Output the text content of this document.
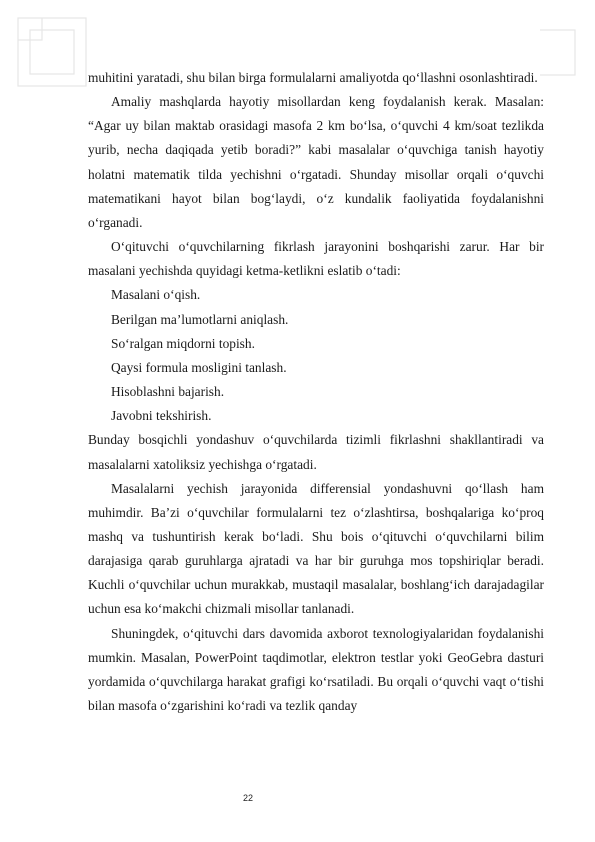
muhitini yaratadi, shu bilan birga formulalarni amaliyotda qo‘llashni osonlashtiradi.

Amaliy mashqlarda hayotiy misollardan keng foydalanish kerak. Masalan: “Agar uy bilan maktab orasidagi masofa 2 km bo‘lsa, o‘quvchi 4 km/soat tezlikda yurib, necha daqiqada yetib boradi?” kabi masalalar o‘quvchiga tanish hayotiy holatni matematik tilda yechishni o‘rgatadi. Shunday misollar orqali o‘quvchi matematikani hayot bilan bog‘laydi, o‘z kundalik faoliyatida foydalanishni o‘rganadi.

O‘qituvchi o‘quvchilarning fikrlash jarayonini boshqarishi zarur. Har bir masalani yechishda quyidagi ketma-ketlikni eslatib o‘tadi:

Masalani o‘qish.

Berilgan ma’lumotlarni aniqlash.

So‘ralgan miqdorni topish.

Qaysi formula mosligini tanlash.

Hisoblashni bajarish.

Javobni tekshirish.

Bunday bosqichli yondashuv o‘quvchilarda tizimli fikrlashni shakllantiradi va masalalarni xatoliksiz yechishga o‘rgatadi.

Masalalarni yechish jarayonida differensial yondashuvni qo‘llash ham muhimdir. Ba’zi o‘quvchilar formulalarni tez o‘zlashtirsa, boshqalariga ko‘proq mashq va tushuntirish kerak bo‘ladi. Shu bois o‘qituvchi o‘quvchilarni bilim darajasiga qarab guruhlarga ajratadi va har bir guruhga mos topshiriqlar beradi. Kuchli o‘quvchilar uchun murakkab, mustaqil masalalar, boshlang‘ich darajadagilar uchun esa ko‘makchi chizmali misollar tanlanadi.

Shuningdek, o‘qituvchi dars davomida axborot texnologiyalaridan foydalanishi mumkin. Masalan, PowerPoint taqdimotlar, elektron testlar yoki GeoGebra dasturi yordamida o‘quvchilarga harakat grafigi ko‘rsatiladi. Bu orqali o‘quvchi vaqt o‘tishi bilan masofa o‘zgarishini ko‘radi va tezlik qanday

22
